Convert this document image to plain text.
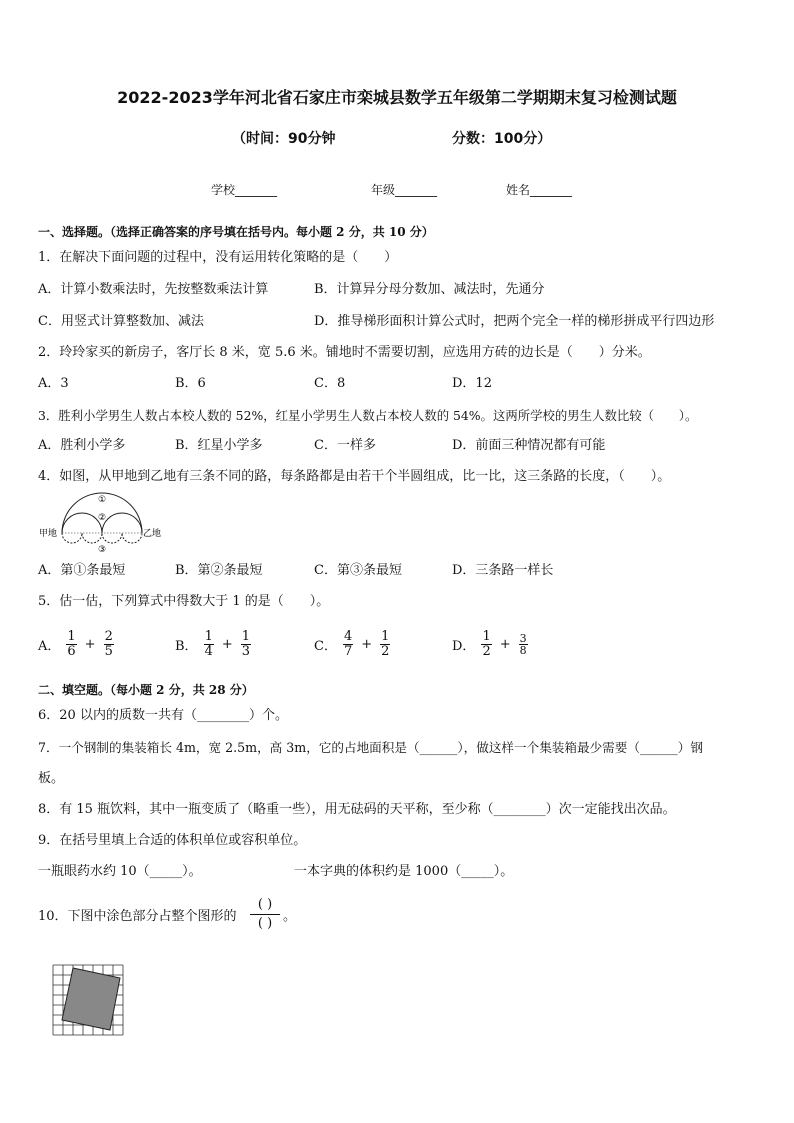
2022-2023学年河北省石家庄市栾城县数学五年级第二学期期末复习检测试题
（时间：90分钟	分数：100分）
学校_______	年级_______	姓名_______
一、选择题。（选择正确答案的序号填在括号内。每小题 2 分，共 10 分）
1．在解决下面问题的过程中，没有运用转化策略的是（　　）
A．计算小数乘法时，先按整数乘法计算	B．计算异分母分数加、减法时，先通分
C．用竖式计算整数加、减法	D．推导梯形面积计算公式时，把两个完全一样的梯形拼成平行四边形
2．玲玲家买的新房子，客厅长 8 米，宽 5.6 米。铺地时不需要切割，应选用方砖的边长是（　　）分米。
A．3	B．6	C．8	D．12
3．胜利小学男生人数占本校人数的 52%，红星小学男生人数占本校人数的 54%。这两所学校的男生人数比较（　　）。
A．胜利小学多	B．红星小学多	C．一样多	D．前面三种情况都有可能
4．如图，从甲地到乙地有三条不同的路，每条路都是由若干个半圆组成，比一比，这三条路的长度，（　　）。
①
②
③
甲地	乙地
A．第①条最短	B．第②条最短	C．第③条最短	D．三条路一样长
5．估一估，下列算式中得数大于 1 的是（　　）。
A． $\frac{1}{6} + \frac{2}{5}$	B． $\frac{1}{4} + \frac{1}{3}$	C． $\frac{4}{7} + \frac{1}{2}$	D． $\frac{1}{2} + \frac{3}{8}$
二、填空题。（每小题 2 分，共 28 分）
6．20 以内的质数一共有（________）个。
7．一个钢制的集装箱长 4m，宽 2.5m，高 3m，它的占地面积是（______），做这样一个集装箱最少需要（______）钢
板。
8．有 15 瓶饮料，其中一瓶变质了（略重一些），用无砝码的天平称，至少称（________）次一定能找出次品。
9．在括号里填上合适的体积单位或容积单位。
一瓶眼药水约 10（_____）。	一本字典的体积约是 1000（_____）。
10．下图中涂色部分占整个图形的
( )
( ) 。
